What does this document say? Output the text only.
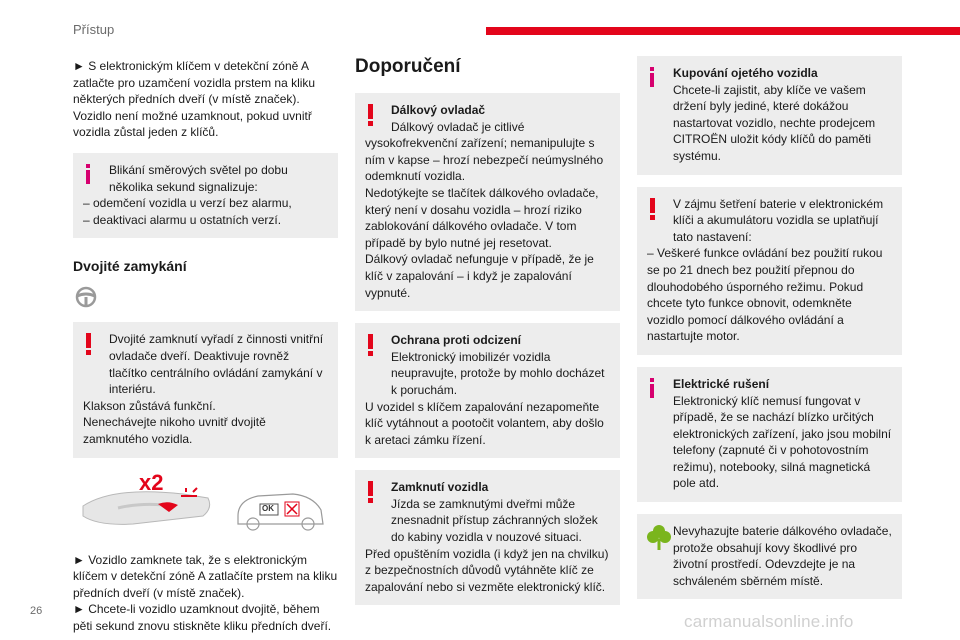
Přístup

► S elektronickým klíčem v detekční zóně A zatlačte pro uzamčení vozidla prstem na kliku některých předních dveří (v místě značek). Vozidlo není možné uzamknout, pokud uvnitř vozidla zůstal jeden z klíčů.

Blikání směrových světel po dobu několika sekund signalizuje:
– odemčení vozidla u verzí bez alarmu,
– deaktivaci alarmu u ostatních verzí.
Dvojité zamykání
Dvojité zamknutí vyřadí z činnosti vnitřní ovladače dveří. Deaktivuje rovněž tlačítko centrálního ovládání zamykání v interiéru.
Klakson zůstává funkční.
Nenechávejte nikoho uvnitř dvojitě zamknutého vozidla.
x2
OK

► Vozidlo zamknete tak, že s elektronickým klíčem v detekční zóně A zatlačíte prstem na kliku předních dveří (v místě značek).

► Chcete-li vozidlo uzamknout dvojitě, během pěti sekund znovu stiskněte kliku předních dveří.

Doporučení
Dálkový ovladač
Dálkový ovladač je citlivé vysokofrekvenční zařízení; nemanipulujte s ním v kapse – hrozí nebezpečí neúmyslného odemknutí vozidla.
Nedotýkejte se tlačítek dálkového ovladače, který není v dosahu vozidla – hrozí riziko zablokování dálkového ovladače. V tom případě by bylo nutné jej resetovat.
Dálkový ovladač nefunguje v případě, že je klíč v zapalování – i když je zapalování vypnuté.
Ochrana proti odcizení
Elektronický imobilizér vozidla neupravujte, protože by mohlo docházet k poruchám.
U vozidel s klíčem zapalování nezapomeňte klíč vytáhnout a pootočit volantem, aby došlo k aretaci zámku řízení.
Zamknutí vozidla
Jízda se zamknutými dveřmi může znesnadnit přístup záchranných složek do kabiny vozidla v nouzové situaci.
Před opuštěním vozidla (i když jen na chvilku) z bezpečnostních důvodů vytáhněte klíč ze zapalování nebo si vezměte elektronický klíč.
Kupování ojetého vozidla
Chcete-li zajistit, aby klíče ve vašem držení byly jediné, které dokážou nastartovat vozidlo, nechte prodejcem CITROËN uložit kódy klíčů do paměti systému.
V zájmu šetření baterie v elektronickém klíči a akumulátoru vozidla se uplatňují tato nastavení:
– Veškeré funkce ovládání bez použití rukou se po 21 dnech bez použití přepnou do dlouhodobého úsporného režimu. Pokud chcete tyto funkce obnovit, odemkněte vozidlo pomocí dálkového ovládání a nastartujte motor.
Elektrické rušení
Elektronický klíč nemusí fungovat v případě, že se nachází blízko určitých elektronických zařízení, jako jsou mobilní telefony (zapnuté či v pohotovostním režimu), notebooky, silná magnetická pole atd.
Nevyhazujte baterie dálkového ovladače, protože obsahují kovy škodlivé pro životní prostředí. Odevzdejte je na schváleném sběrném místě.
26
carmanualsonline.info
